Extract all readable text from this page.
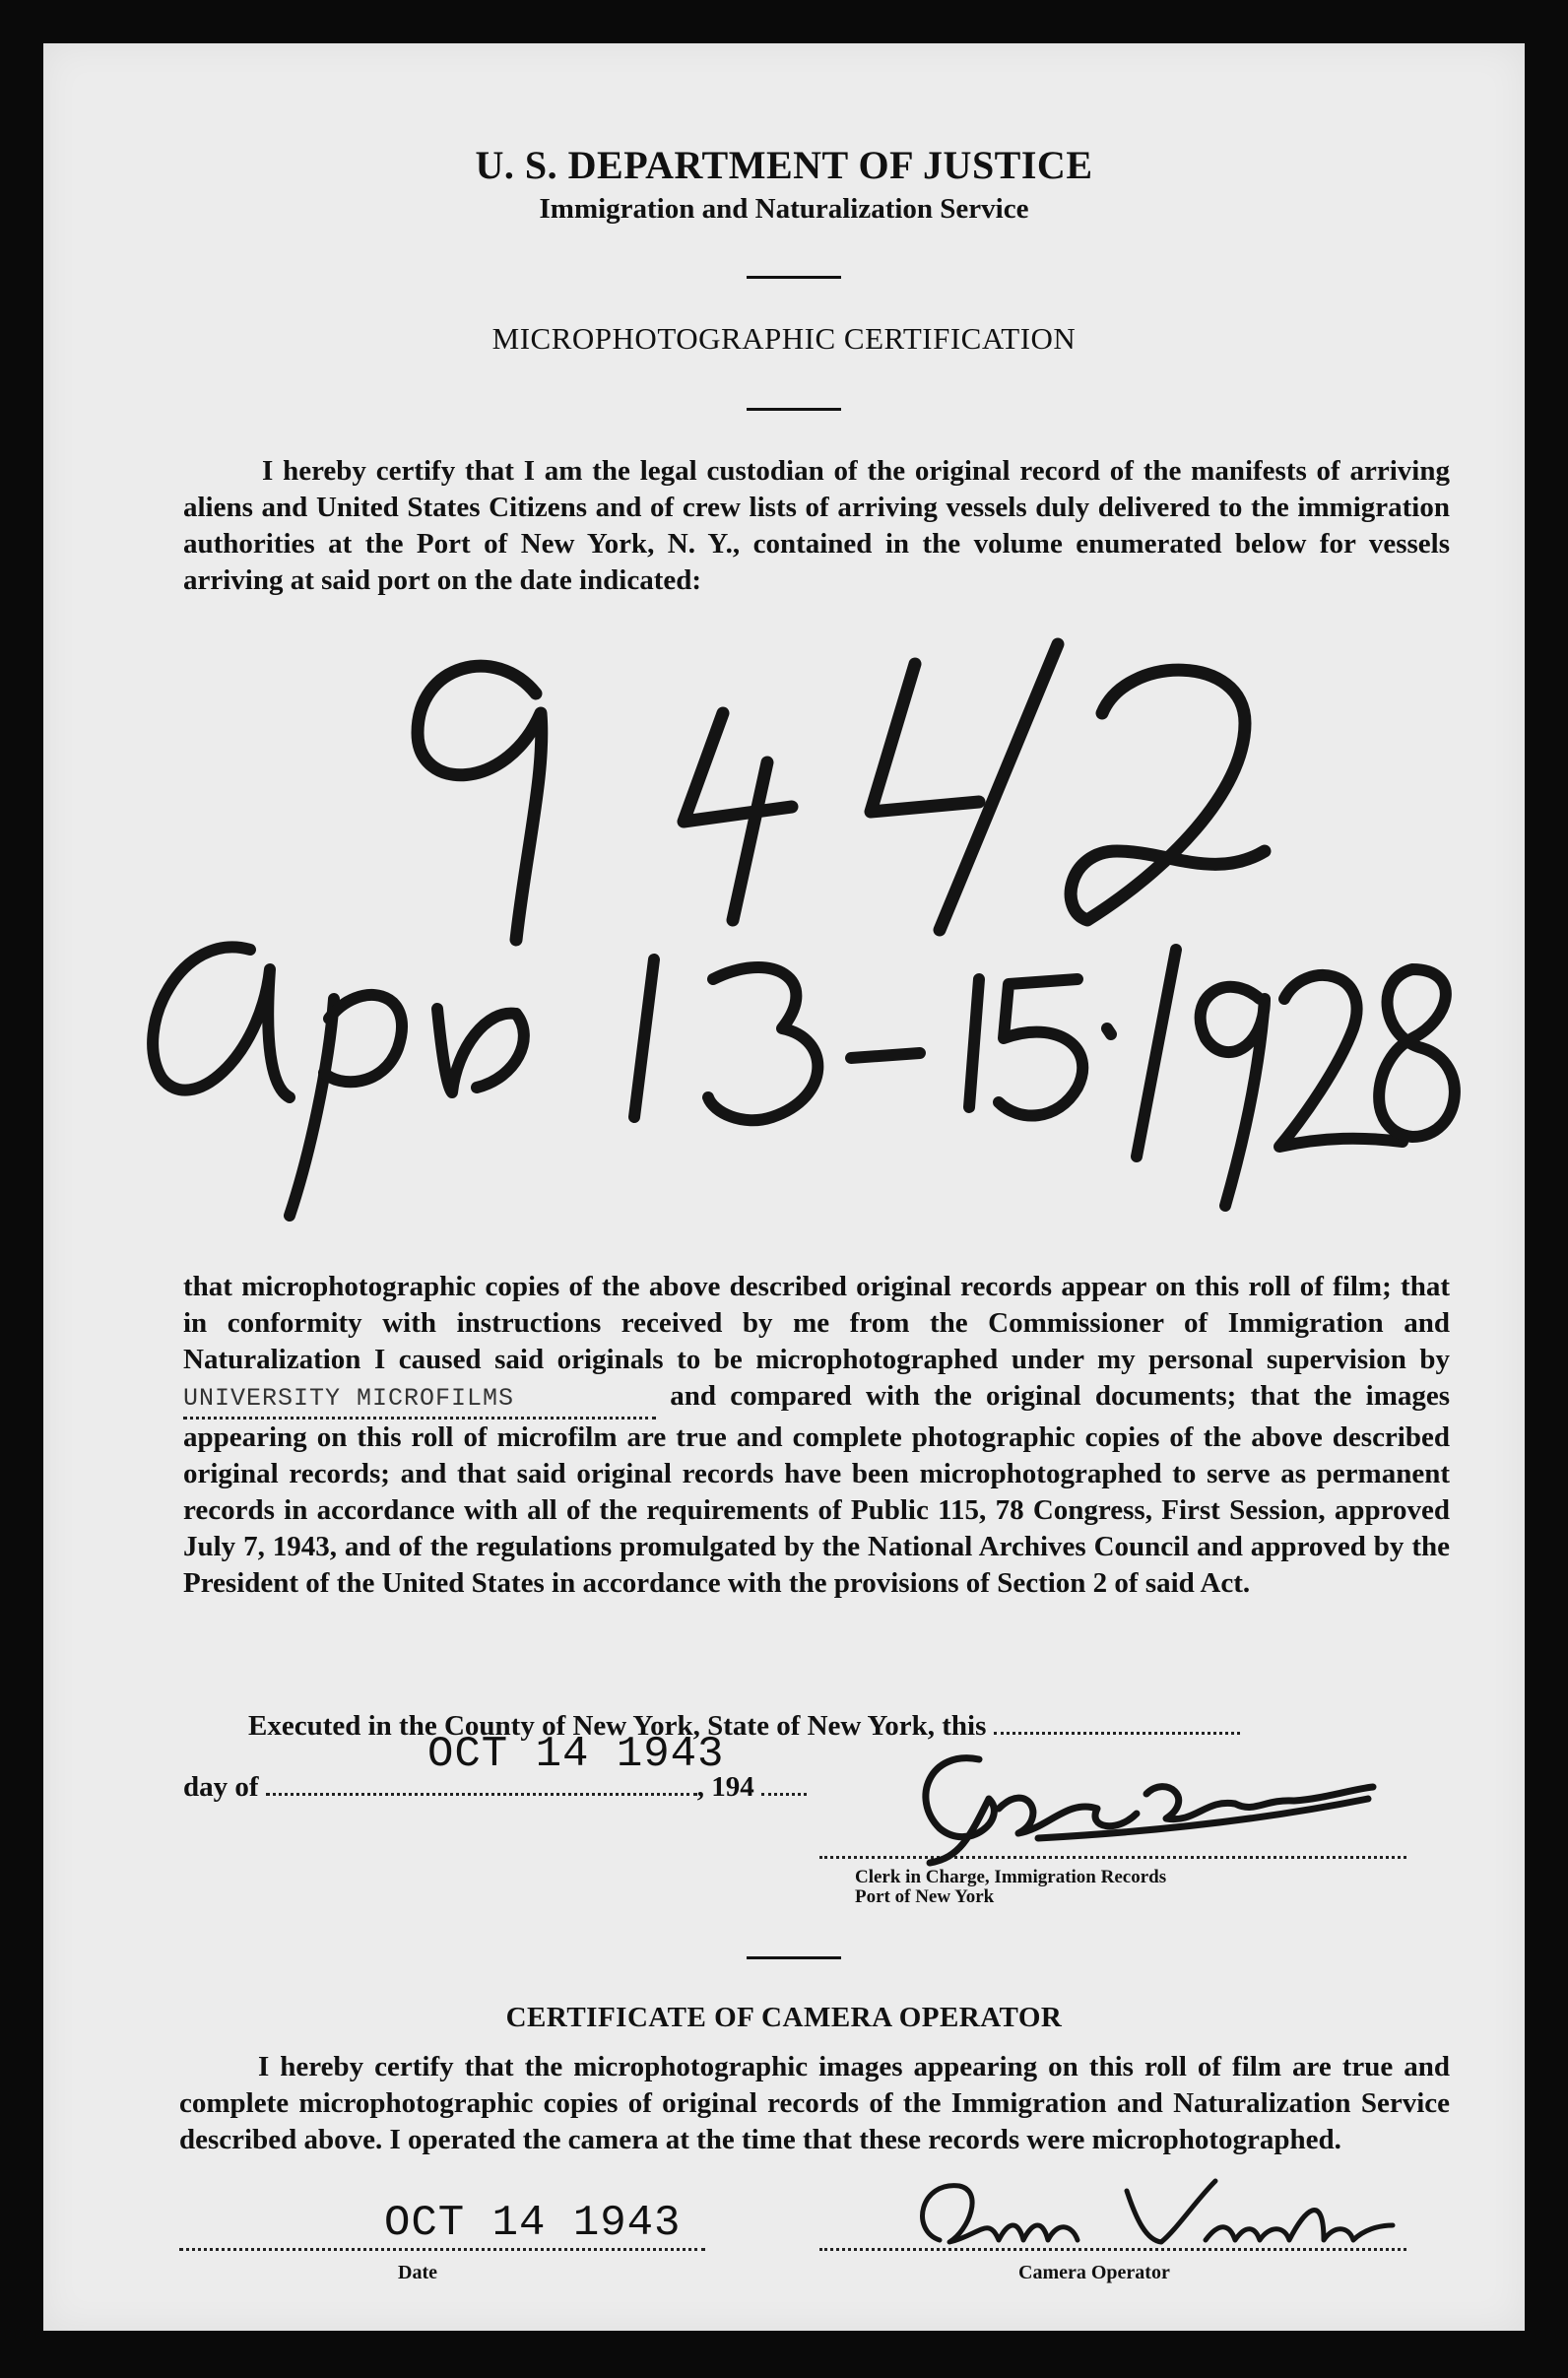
U. S. DEPARTMENT OF JUSTICE
Immigration and Naturalization Service
MICROPHOTOGRAPHIC CERTIFICATION
I hereby certify that I am the legal custodian of the original record of the manifests of arriving aliens and United States Citizens and of crew lists of arriving vessels duly delivered to the immigration authorities at the Port of New York, N. Y., contained in the volume enumerated below for vessels arriving at said port on the date indicated:
that microphotographic copies of the above described original records appear on this roll of film; that in conformity with instructions received by me from the Commissioner of Immigration and Naturalization I caused said originals to be microphotographed under my personal supervision by UNIVERSITY MICROFILMS	and compared with the original documents; that the images appearing on this roll of microfilm are true and complete photographic copies of the above described original records; and that said original records have been microphotographed to serve as permanent records in accordance with all of the requirements of Public 115, 78 Congress, First Session, approved July 7, 1943, and of the regulations promulgated by the National Archives Council and approved by the President of the United States in accordance with the provisions of Section 2 of said Act.
Executed in the County of New York, State of New York, this
OCT 14 1943
day of	, 194
Clerk in Charge, Immigration Records
Port of New York
CERTIFICATE OF CAMERA OPERATOR
I hereby certify that the microphotographic images appearing on this roll of film are true and complete microphotographic copies of original records of the Immigration and Naturalization Service described above. I operated the camera at the time that these records were microphotographed.
OCT 14 1943
Date	Camera Operator
